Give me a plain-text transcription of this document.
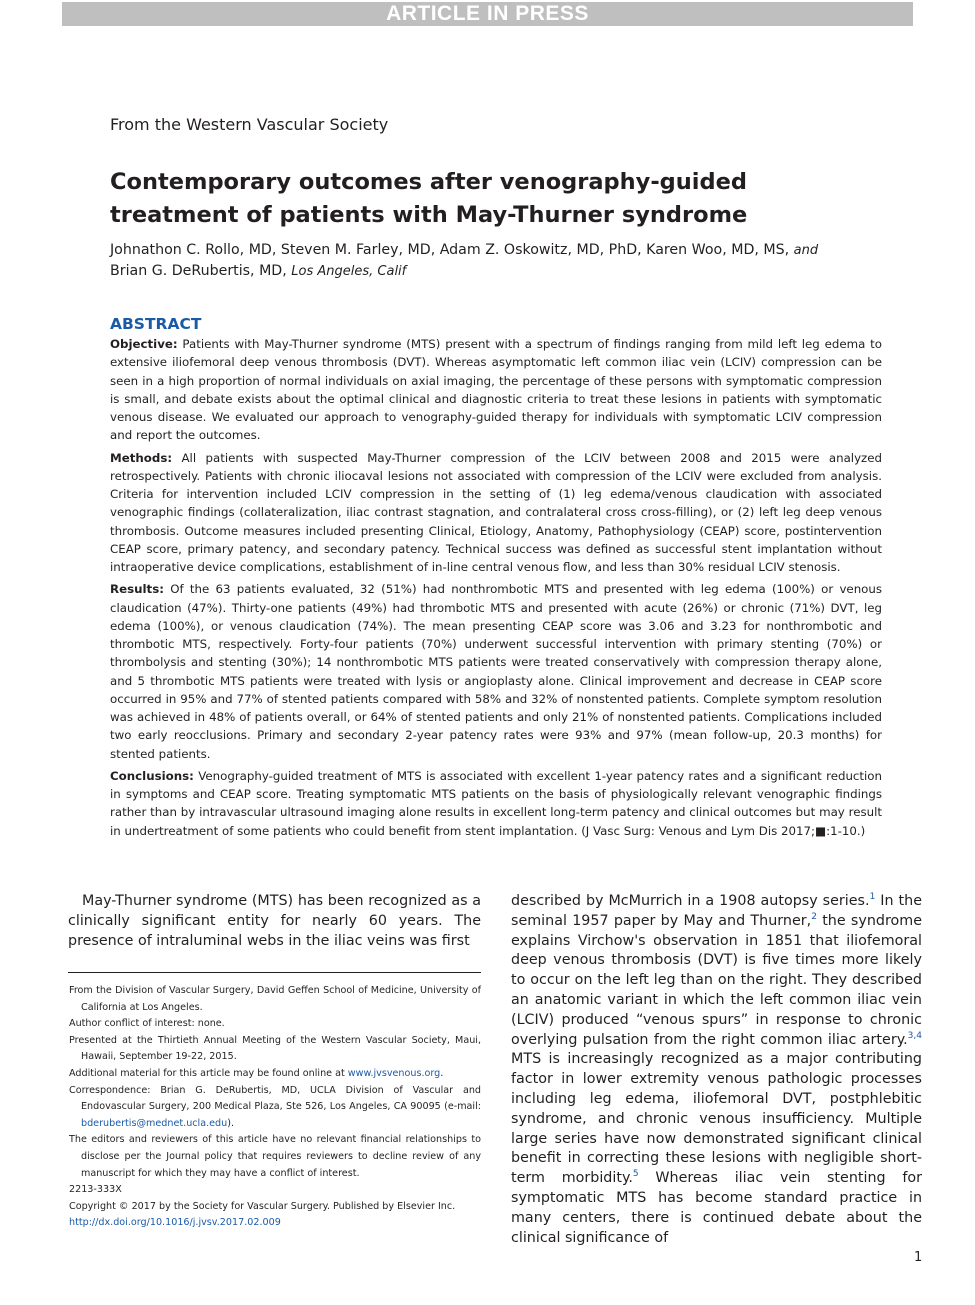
ARTICLE IN PRESS
From the Western Vascular Society
Contemporary outcomes after venography-guided
treatment of patients with May-Thurner syndrome
Johnathon C. Rollo, MD, Steven M. Farley, MD, Adam Z. Oskowitz, MD, PhD, Karen Woo, MD, MS, and
Brian G. DeRubertis, MD, Los Angeles, Calif
ABSTRACT

Objective: Patients with May-Thurner syndrome (MTS) present with a spectrum of findings ranging from mild left leg edema to extensive iliofemoral deep venous thrombosis (DVT). Whereas asymptomatic left common iliac vein (LCIV) compression can be seen in a high proportion of normal individuals on axial imaging, the percentage of these persons with symptomatic compression is small, and debate exists about the optimal clinical and diagnostic criteria to treat these lesions in patients with symptomatic venous disease. We evaluated our approach to venography-guided therapy for individuals with symptomatic LCIV compression and report the outcomes.

Methods: All patients with suspected May-Thurner compression of the LCIV between 2008 and 2015 were analyzed retrospectively. Patients with chronic iliocaval lesions not associated with compression of the LCIV were excluded from analysis. Criteria for intervention included LCIV compression in the setting of (1) leg edema/venous claudication with associated venographic findings (collateralization, iliac contrast stagnation, and contralateral cross cross-filling), or (2) left leg deep venous thrombosis. Outcome measures included presenting Clinical, Etiology, Anatomy, Pathophysiology (CEAP) score, postintervention CEAP score, primary patency, and secondary patency. Technical success was defined as successful stent implantation without intraoperative device complications, establishment of in-line central venous flow, and less than 30% residual LCIV stenosis.

Results: Of the 63 patients evaluated, 32 (51%) had nonthrombotic MTS and presented with leg edema (100%) or venous claudication (47%). Thirty-one patients (49%) had thrombotic MTS and presented with acute (26%) or chronic (71%) DVT, leg edema (100%), or venous claudication (74%). The mean presenting CEAP score was 3.06 and 3.23 for nonthrombotic and thrombotic MTS, respectively. Forty-four patients (70%) underwent successful intervention with primary stenting (70%) or thrombolysis and stenting (30%); 14 nonthrombotic MTS patients were treated conservatively with compression therapy alone, and 5 thrombotic MTS patients were treated with lysis or angioplasty alone. Clinical improvement and decrease in CEAP score occurred in 95% and 77% of stented patients compared with 58% and 32% of nonstented patients. Complete symptom resolution was achieved in 48% of patients overall, or 64% of stented patients and only 21% of nonstented patients. Complications included two early reocclusions. Primary and secondary 2-year patency rates were 93% and 97% (mean follow-up, 20.3 months) for stented patients.

Conclusions: Venography-guided treatment of MTS is associated with excellent 1-year patency rates and a significant reduction in symptoms and CEAP score. Treating symptomatic MTS patients on the basis of physiologically relevant venographic findings rather than by intravascular ultrasound imaging alone results in excellent long-term patency and clinical outcomes but may result in undertreatment of some patients who could benefit from stent implantation. (J Vasc Surg: Venous and Lym Dis 2017;■:1-10.)

May-Thurner syndrome (MTS) has been recognized as a clinically significant entity for nearly 60 years. The presence of intraluminal webs in the iliac veins was first

From the Division of Vascular Surgery, David Geffen School of Medicine, University of California at Los Angeles.

Author conflict of interest: none.

Presented at the Thirtieth Annual Meeting of the Western Vascular Society, Maui, Hawaii, September 19-22, 2015.

Additional material for this article may be found online at www.jvsvenous.org.

Correspondence: Brian G. DeRubertis, MD, UCLA Division of Vascular and Endovascular Surgery, 200 Medical Plaza, Ste 526, Los Angeles, CA 90095 (e-mail: bderubertis@mednet.ucla.edu).

The editors and reviewers of this article have no relevant financial relationships to disclose per the Journal policy that requires reviewers to decline review of any manuscript for which they may have a conflict of interest.

2213-333X

Copyright © 2017 by the Society for Vascular Surgery. Published by Elsevier Inc.

http://dx.doi.org/10.1016/j.jvsv.2017.02.009

described by McMurrich in a 1908 autopsy series.$^1$ In the seminal 1957 paper by May and Thurner,$^2$ the syndrome explains Virchow's observation in 1851 that iliofemoral deep venous thrombosis (DVT) is five times more likely to occur on the left leg than on the right. They described an anatomic variant in which the left common iliac vein (LCIV) produced “venous spurs” in response to chronic overlying pulsation from the right common iliac artery.$^{3,4}$ MTS is increasingly recognized as a major contributing factor in lower extremity venous pathologic processes including leg edema, iliofemoral DVT, postphlebitic syndrome, and chronic venous insufficiency. Multiple large series have now demonstrated significant clinical benefit in correcting these lesions with negligible short-term morbidity.$^5$ Whereas iliac vein stenting for symptomatic MTS has become standard practice in many centers, there is continued debate about the clinical significance of

1
